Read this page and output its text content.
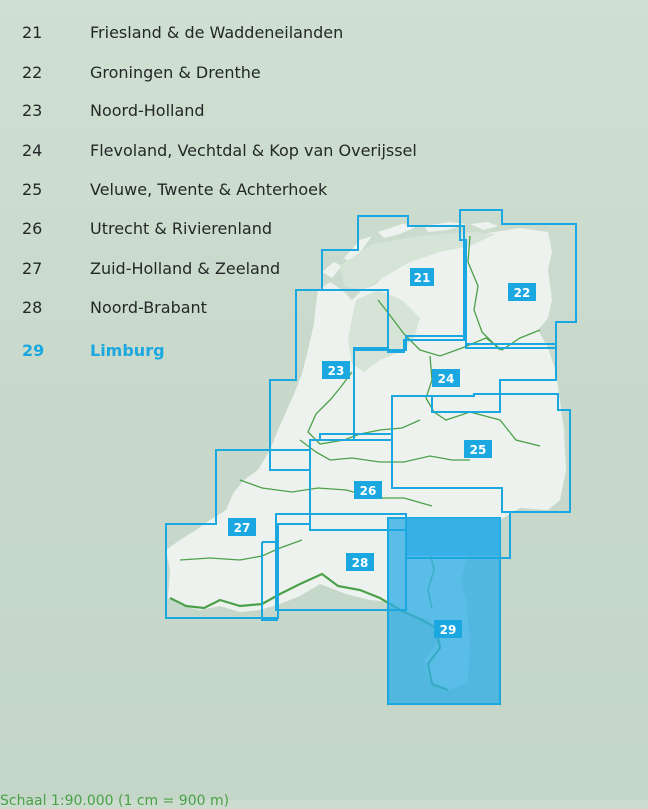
21	Friesland & de Waddeneilanden
22	Groningen & Drenthe
23	Noord-Holland
24	Flevoland, Vechtdal & Kop van Overijssel
25	Veluwe, Twente & Achterhoek
26	Utrecht & Rivierenland
27	Zuid-Holland & Zeeland
28	Noord-Brabant
29	Limburg
21
22
23
24
25
26
27
28
29
Schaal 1:90.000 (1 cm = 900 m)
